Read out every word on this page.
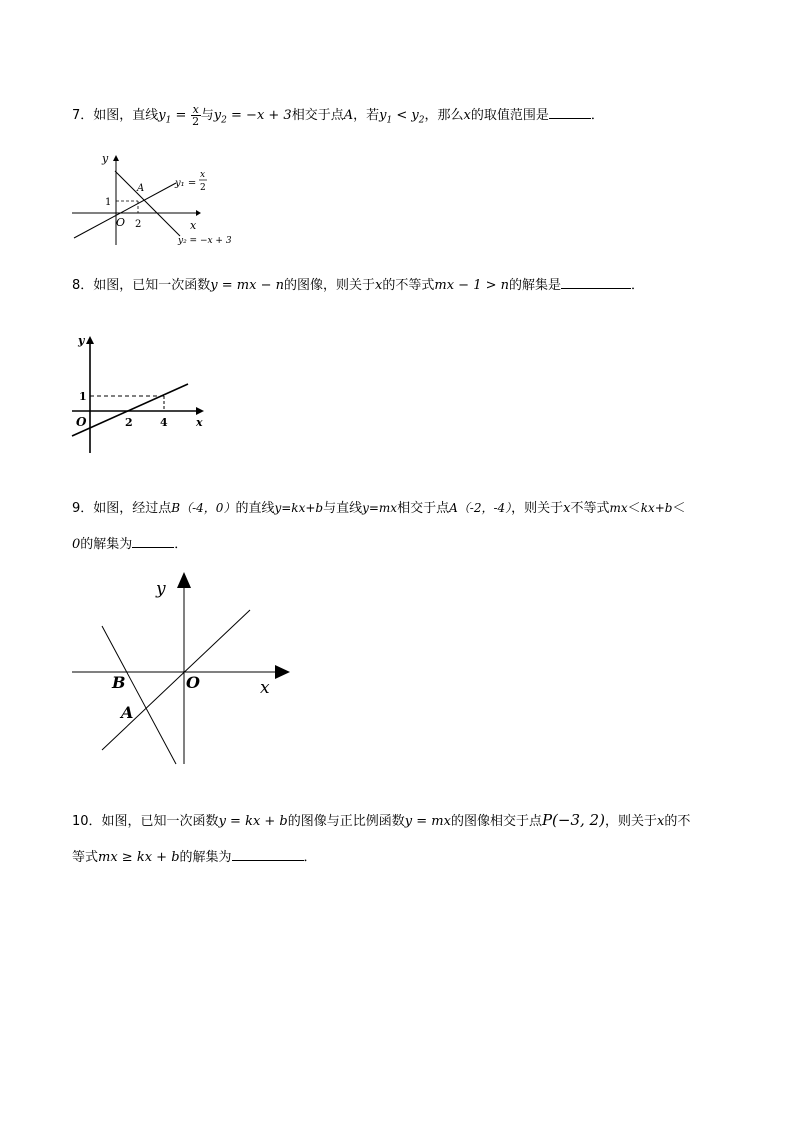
7．如图，直线$y_1 = \frac{x}{2}$ 与$y_2 = -x + 3$相交于点A，若$y_1 < y_2$，那么x的取值范围是	．
y
x
O
1
2
A	y₁ =
x
2
y₂ = −x + 3
8．如图，已知一次函数y = mx − n的图像，则关于x的不等式mx − 1 > n的解集是	．
y
x
O
1
2 4
9．如图，经过点B（-4，0）的直线y=kx+b与直线y=mx相交于点A（-2，-4），则关于x不等式mx＜kx+b＜
0的解集为	．
y
x
O
B
A
10．如图，已知一次函数y = kx + b的图像与正比例函数y = mx的图像相交于点P(−3, 2)，则关于x的不
等式mx ≥ kx + b的解集为	．
